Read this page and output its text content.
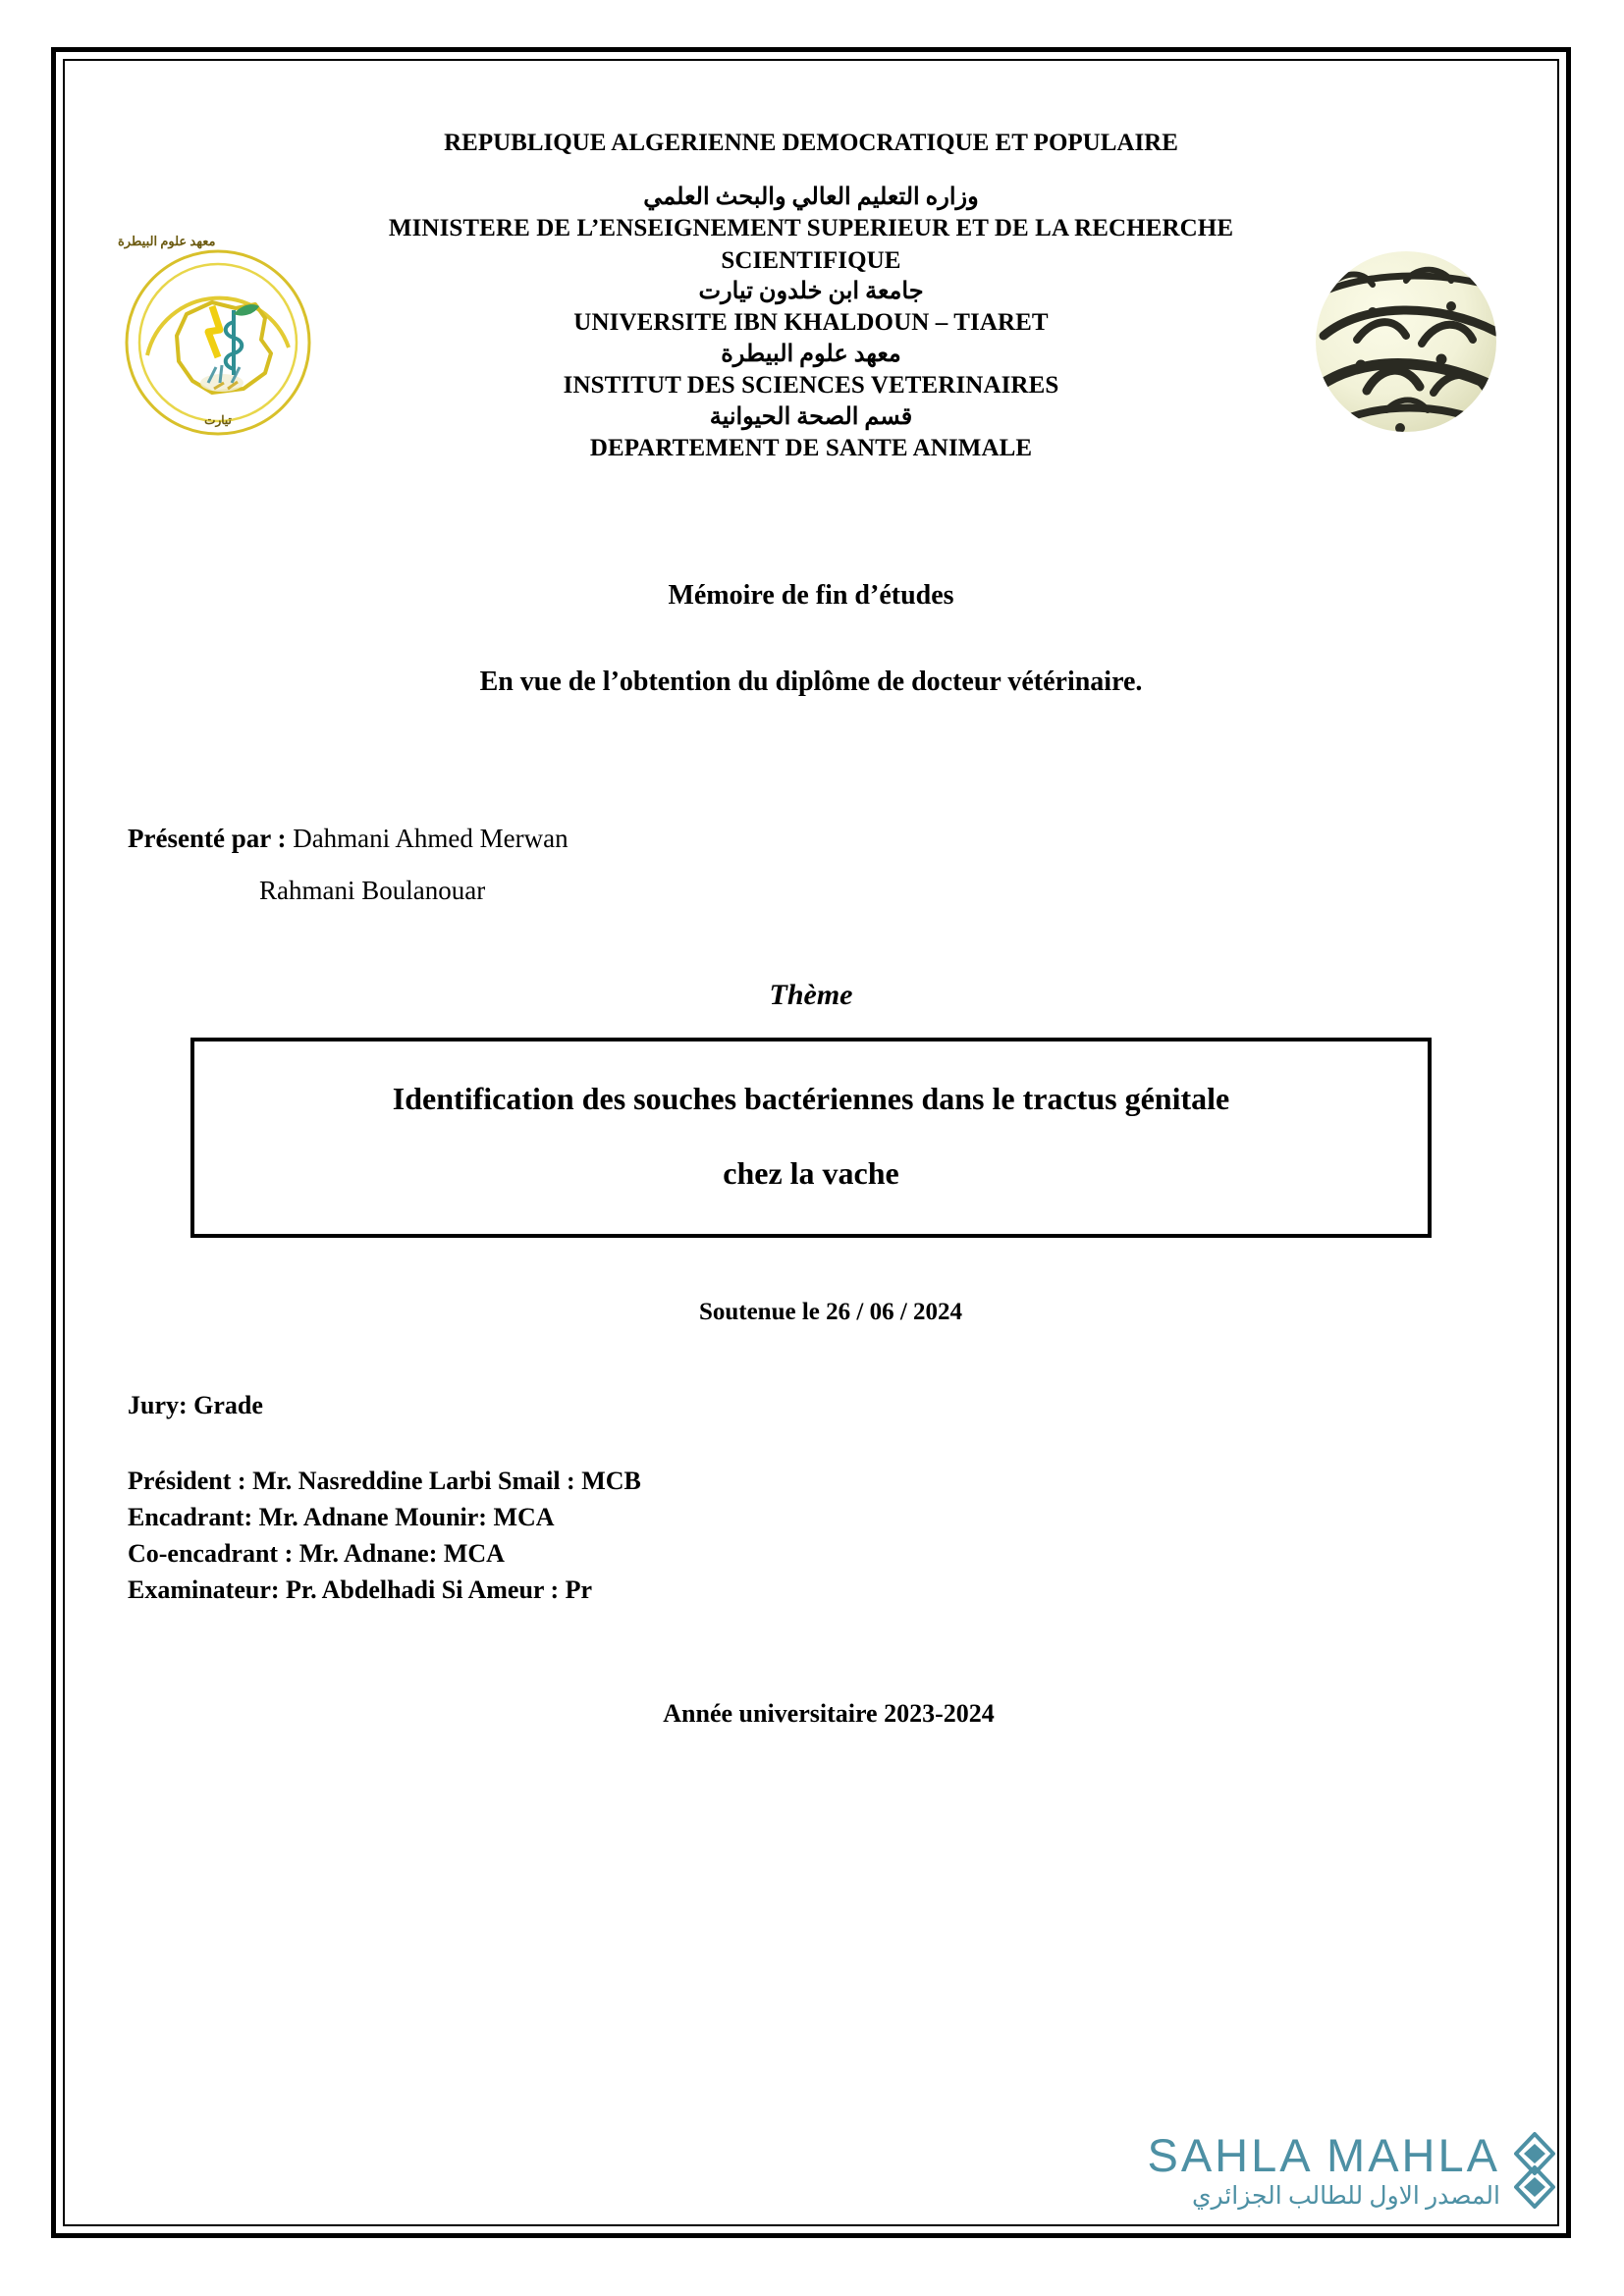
معهد علوم البيطرة
تيارت
REPUBLIQUE ALGERIENNE DEMOCRATIQUE ET POPULAIRE
وزاره التعليم العالي والبحث العلمي
MINISTERE DE L’ENSEIGNEMENT SUPERIEUR ET DE LA RECHERCHE
SCIENTIFIQUE
جامعة ابن خلدون تيارت
UNIVERSITE IBN KHALDOUN – TIARET
معهد علوم البيطرة
INSTITUT DES SCIENCES VETERINAIRES
قسم الصحة الحيوانية
DEPARTEMENT DE SANTE ANIMALE
Mémoire de fin d’études
En vue de l’obtention du diplôme de docteur vétérinaire.
Présenté par : Dahmani Ahmed Merwan
Rahmani Boulanouar
Thème
Identification des souches bactériennes dans le tractus génitale
chez la vache
Soutenue le 26 / 06 / 2024
Jury: Grade
Président : Mr. Nasreddine Larbi Smail : MCB
Encadrant: Mr. Adnane Mounir: MCA
Co-encadrant : Mr. Adnane: MCA
Examinateur: Pr. Abdelhadi Si Ameur : Pr
Année universitaire 2023-2024
SAHLA MAHLA
المصدر الاول للطالب الجزائري
